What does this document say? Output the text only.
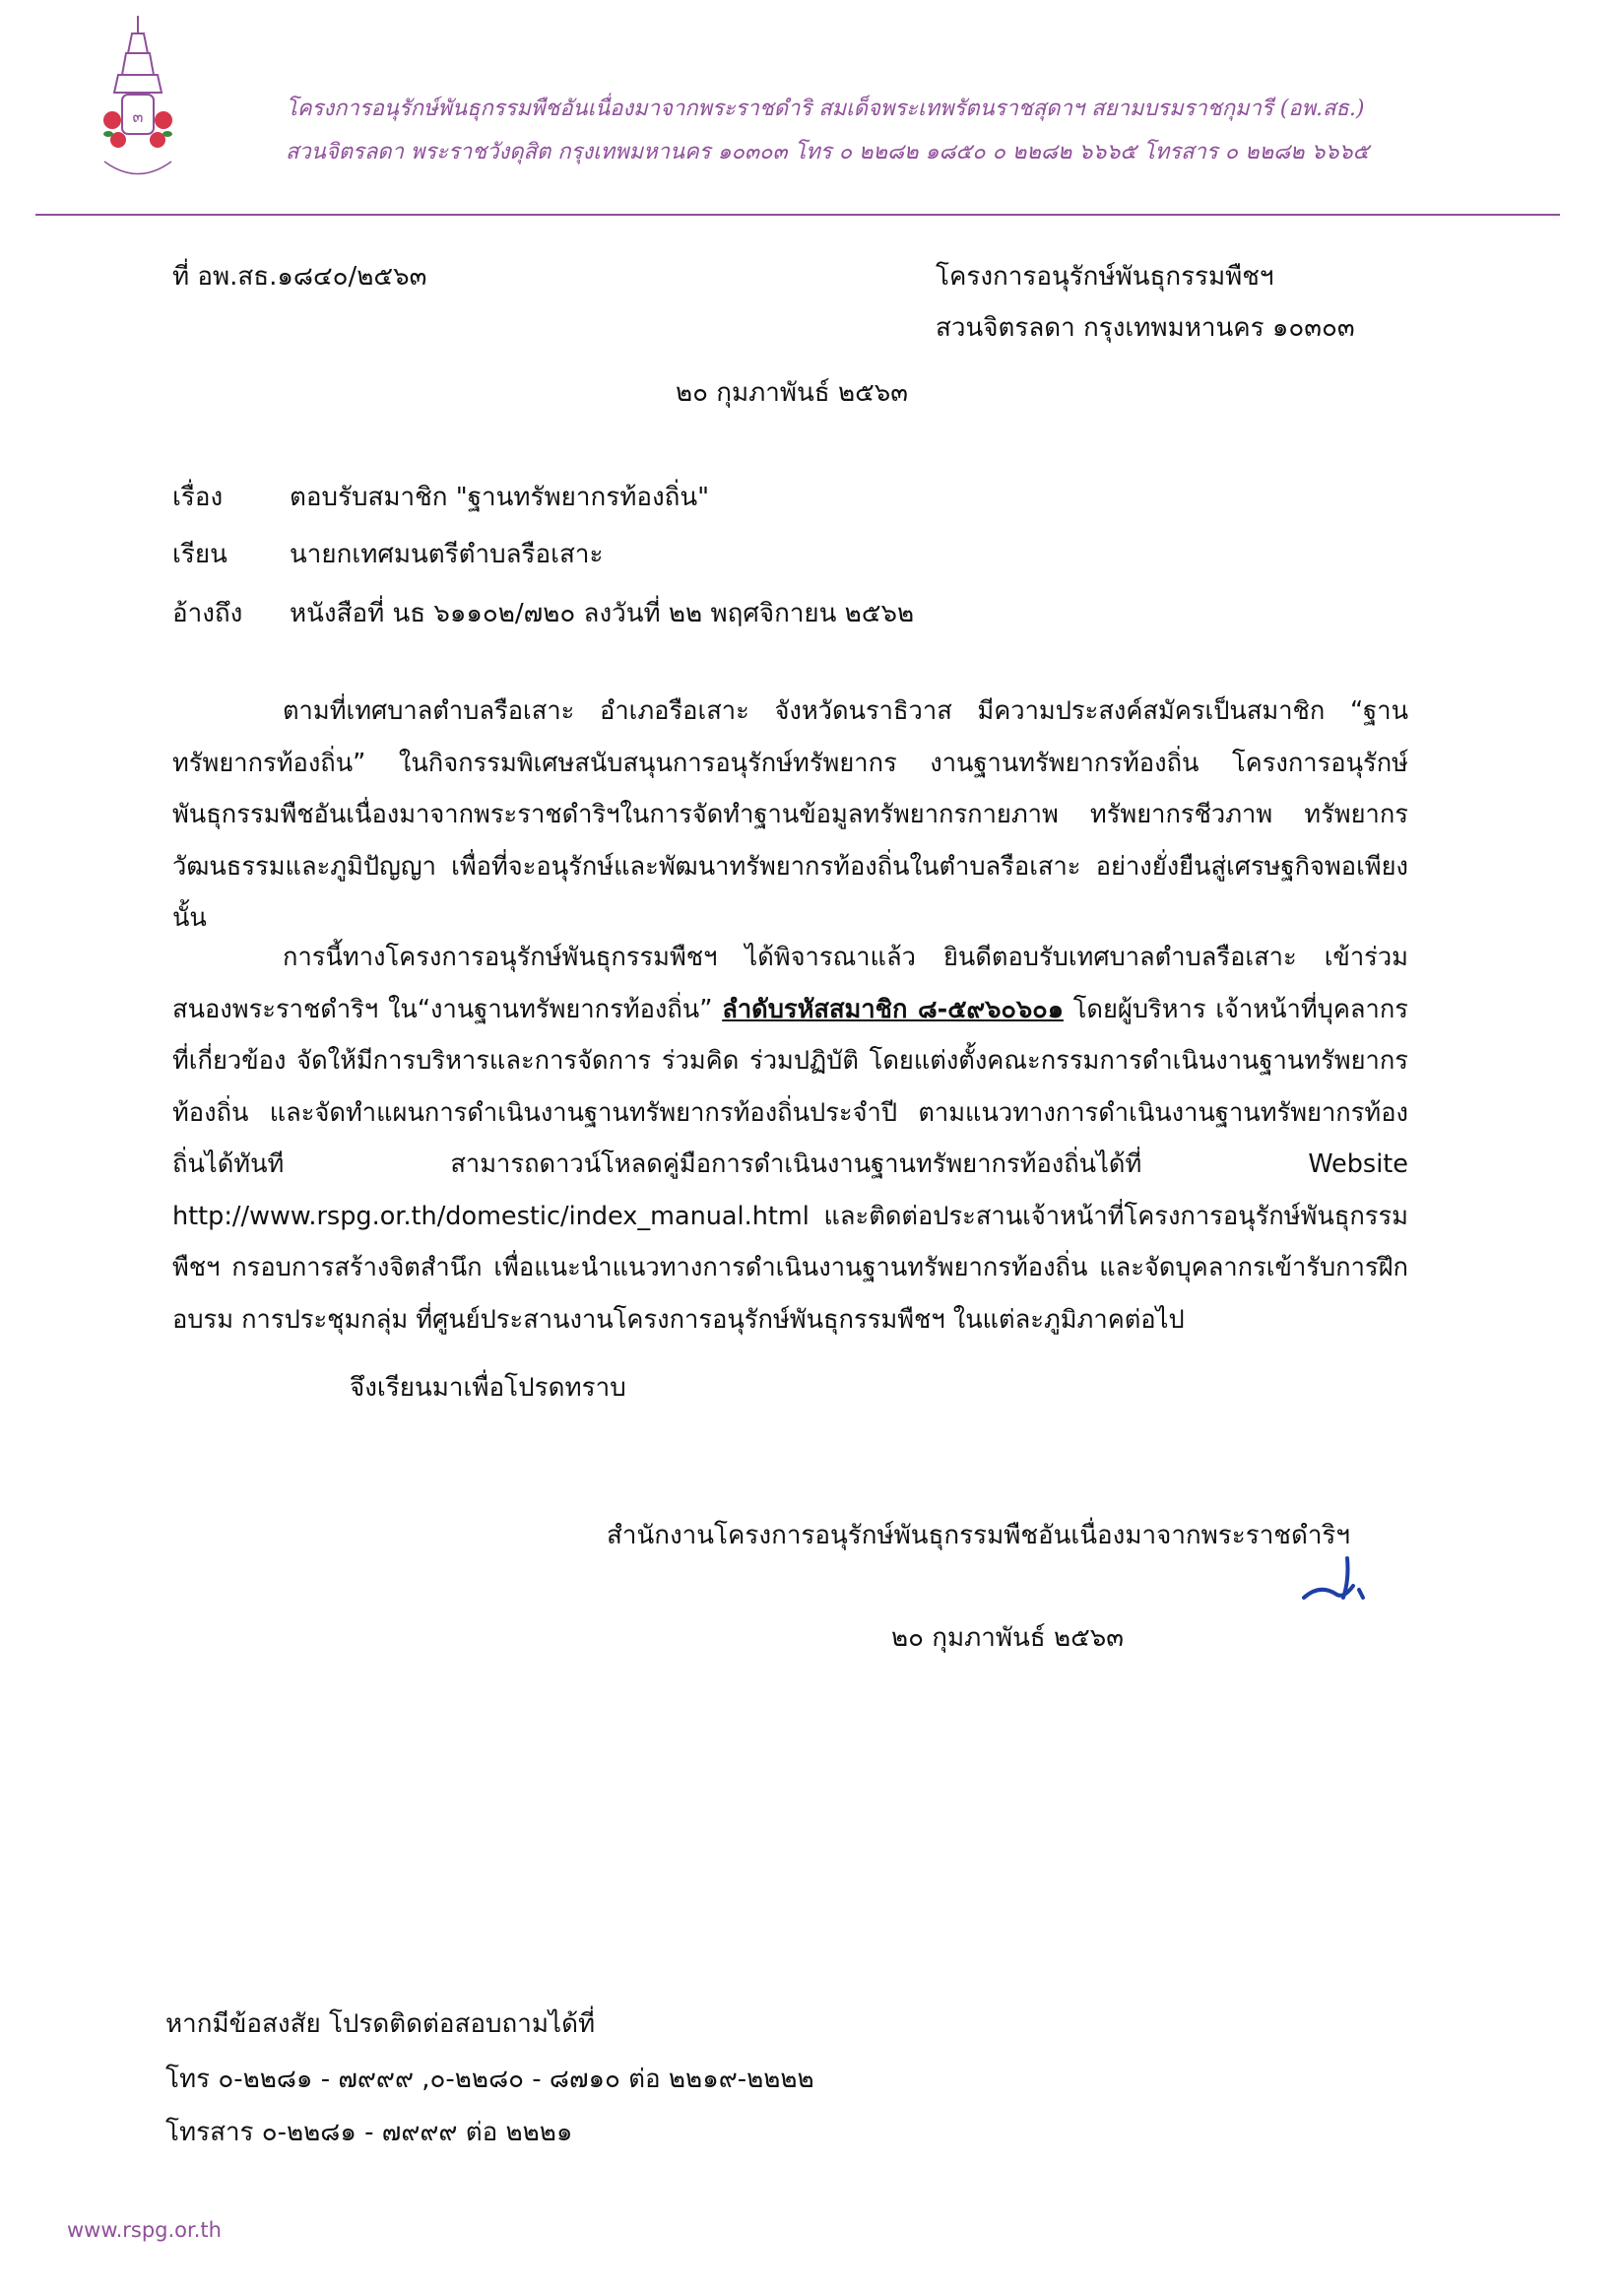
๓	โครงการอนุรักษ์พันธุกรรมพืชอันเนื่องมาจากพระราชดำริ สมเด็จพระเทพรัตนราชสุดาฯ สยามบรมราชกุมารี (อพ.สธ.)
สวนจิตรลดา พระราชวังดุสิต กรุงเทพมหานคร ๑๐๓๐๓ โทร ๐ ๒๒๘๒ ๑๘๕๐ ๐ ๒๒๘๒ ๖๖๖๕ โทรสาร ๐ ๒๒๘๒ ๖๖๖๕
ที่ อพ.สธ.๑๘๔๐/๒๕๖๓	โครงการอนุรักษ์พันธุกรรมพืชฯ
สวนจิตรลดา กรุงเทพมหานคร ๑๐๓๐๓
๒๐ กุมภาพันธ์ ๒๕๖๓
เรื่อง	ตอบรับสมาชิก "ฐานทรัพยากรท้องถิ่น"
เรียน นายกเทศมนตรีตำบลรือเสาะ
อ้างถึง หนังสือที่ นธ ๖๑๑๐๒/๗๒๐ ลงวันที่ ๒๒ พฤศจิกายน ๒๕๖๒
ตามที่เทศบาลตำบลรือเสาะ อำเภอรือเสาะ จังหวัดนราธิวาส มีความประสงค์สมัครเป็นสมาชิก “ฐานทรัพยากรท้องถิ่น” ในกิจกรรมพิเศษสนับสนุนการอนุรักษ์ทรัพยากร งานฐานทรัพยากรท้องถิ่น โครงการอนุรักษ์พันธุกรรมพืชอันเนื่องมาจากพระราชดำริฯในการจัดทำฐานข้อมูลทรัพยากรกายภาพ ทรัพยากรชีวภาพ ทรัพยากรวัฒนธรรมและภูมิปัญญา เพื่อที่จะอนุรักษ์และพัฒนาทรัพยากรท้องถิ่นในตำบลรือเสาะ อย่างยั่งยืนสู่เศรษฐกิจพอเพียง นั้น
การนี้ทางโครงการอนุรักษ์พันธุกรรมพืชฯ ได้พิจารณาแล้ว ยินดีตอบรับเทศบาลตำบลรือเสาะ เข้าร่วมสนองพระราชดำริฯ ใน“งานฐานทรัพยากรท้องถิ่น” ลำดับรหัสสมาชิก ๘-๕๙๖๐๖๐๑ โดยผู้บริหาร เจ้าหน้าที่บุคลากรที่เกี่ยวข้อง จัดให้มีการบริหารและการจัดการ ร่วมคิด ร่วมปฏิบัติ โดยแต่งตั้งคณะกรรมการดำเนินงานฐานทรัพยากรท้องถิ่น และจัดทำแผนการดำเนินงานฐานทรัพยากรท้องถิ่นประจำปี ตามแนวทางการดำเนินงานฐานทรัพยากรท้องถิ่นได้ทันที สามารถดาวน์โหลดคู่มือการดำเนินงานฐานทรัพยากรท้องถิ่นได้ที่ Website http://www.rspg.or.th/domestic/index_manual.html และติดต่อประสานเจ้าหน้าที่โครงการอนุรักษ์พันธุกรรมพืชฯ กรอบการสร้างจิตสำนึก เพื่อแนะนำแนวทางการดำเนินงานฐานทรัพยากรท้องถิ่น และจัดบุคลากรเข้ารับการฝึกอบรม การประชุมกลุ่ม ที่ศูนย์ประสานงานโครงการอนุรักษ์พันธุกรรมพืชฯ ในแต่ละภูมิภาคต่อไป
จึงเรียนมาเพื่อโปรดทราบ
สำนักงานโครงการอนุรักษ์พันธุกรรมพืชอันเนื่องมาจากพระราชดำริฯ
๒๐ กุมภาพันธ์ ๒๕๖๓
หากมีข้อสงสัย โปรดติดต่อสอบถามได้ที่
โทร ๐-๒๒๘๑ - ๗๙๙๙ ,๐-๒๒๘๐ - ๘๗๑๐ ต่อ ๒๒๑๙-๒๒๒๒
โทรสาร ๐-๒๒๘๑ - ๗๙๙๙ ต่อ ๒๒๒๑
www.rspg.or.th
